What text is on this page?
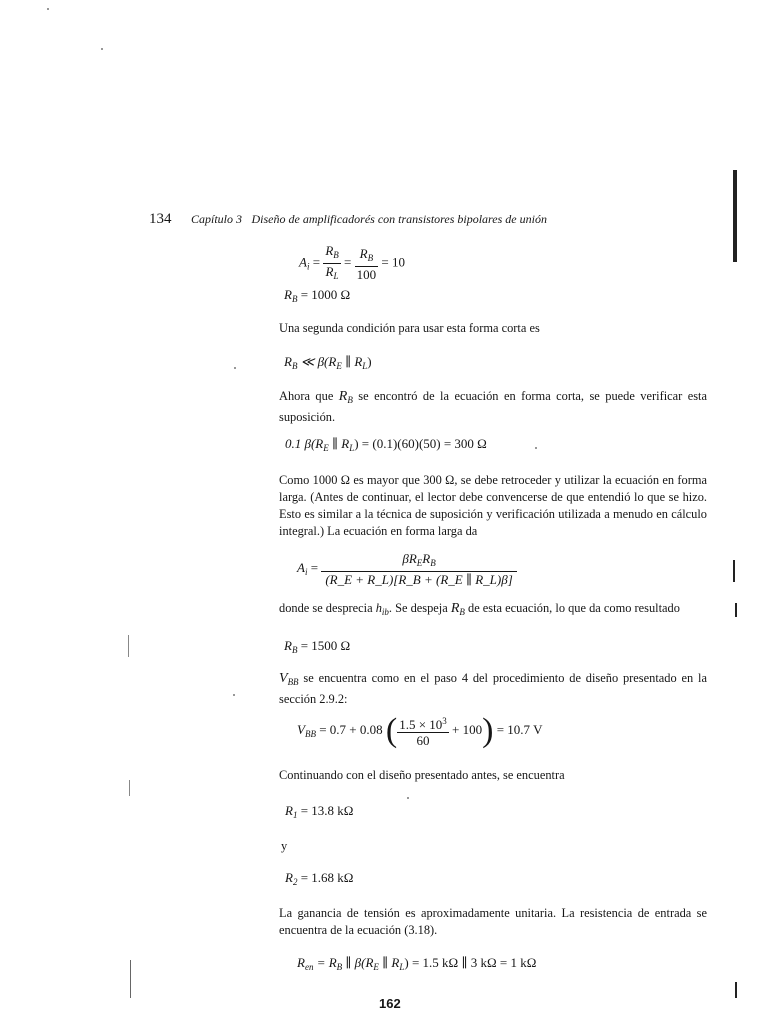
134 Capítulo 3 Diseño de amplificadorés con transistores bipolares de unión
$A_i = \frac{R_B}{R_L} = \frac{R_B}{100} = 10$
$R_B = 1000$ Ω
Una segunda condición para usar esta forma corta es
$R_B$ ≪ $\beta(R_E$ ∥ $R_L$)
Ahora que $R_B$ se encontró de la ecuación en forma corta, se puede verificar esta suposición.
0.1 $\beta(R_E$ ∥ $R_L) = (0.1)(60)(50) = 300$ Ω
Como 1000 Ω es mayor que 300 Ω, se debe retroceder y utilizar la ecuación en forma larga. (Antes de continuar, el lector debe convencerse de que entendió lo que se hizo. Esto es similar a la técnica de suposición y verificación utilizada a menudo en cálculo integral.) La ecuación en forma larga da
$A_i = \frac{\beta R_ER_B}{(R\_E + R\_L)[R\_B + (R\_E \parallel R\_L)\beta]}$
donde se desprecia $h_{ib}$. Se despeja $R_B$ de esta ecuación, lo que da como resultado
$R_B = 1500$ Ω
$V_{BB}$ se encuentra como en el paso 4 del procedimiento de diseño presentado en la sección 2.9.2:
$V_{BB} = 0.7 + 0.08$ ( $\frac{1.5 \times 10^3}{60} + 100) = 10.7$ V
Continuando con el diseño presentado antes, se encuentra
$R_1 = 13.8$ kΩ
y
$R_2 = 1.68$ kΩ
La ganancia de tensión es aproximadamente unitaria. La resistencia de entrada se encuentra de la ecuación (3.18).
$R_{en} = R_B$ ∥ $\beta(R_E$ ∥ $R_L) = 1.5$ kΩ ∥ 3 kΩ = 1 kΩ
162
